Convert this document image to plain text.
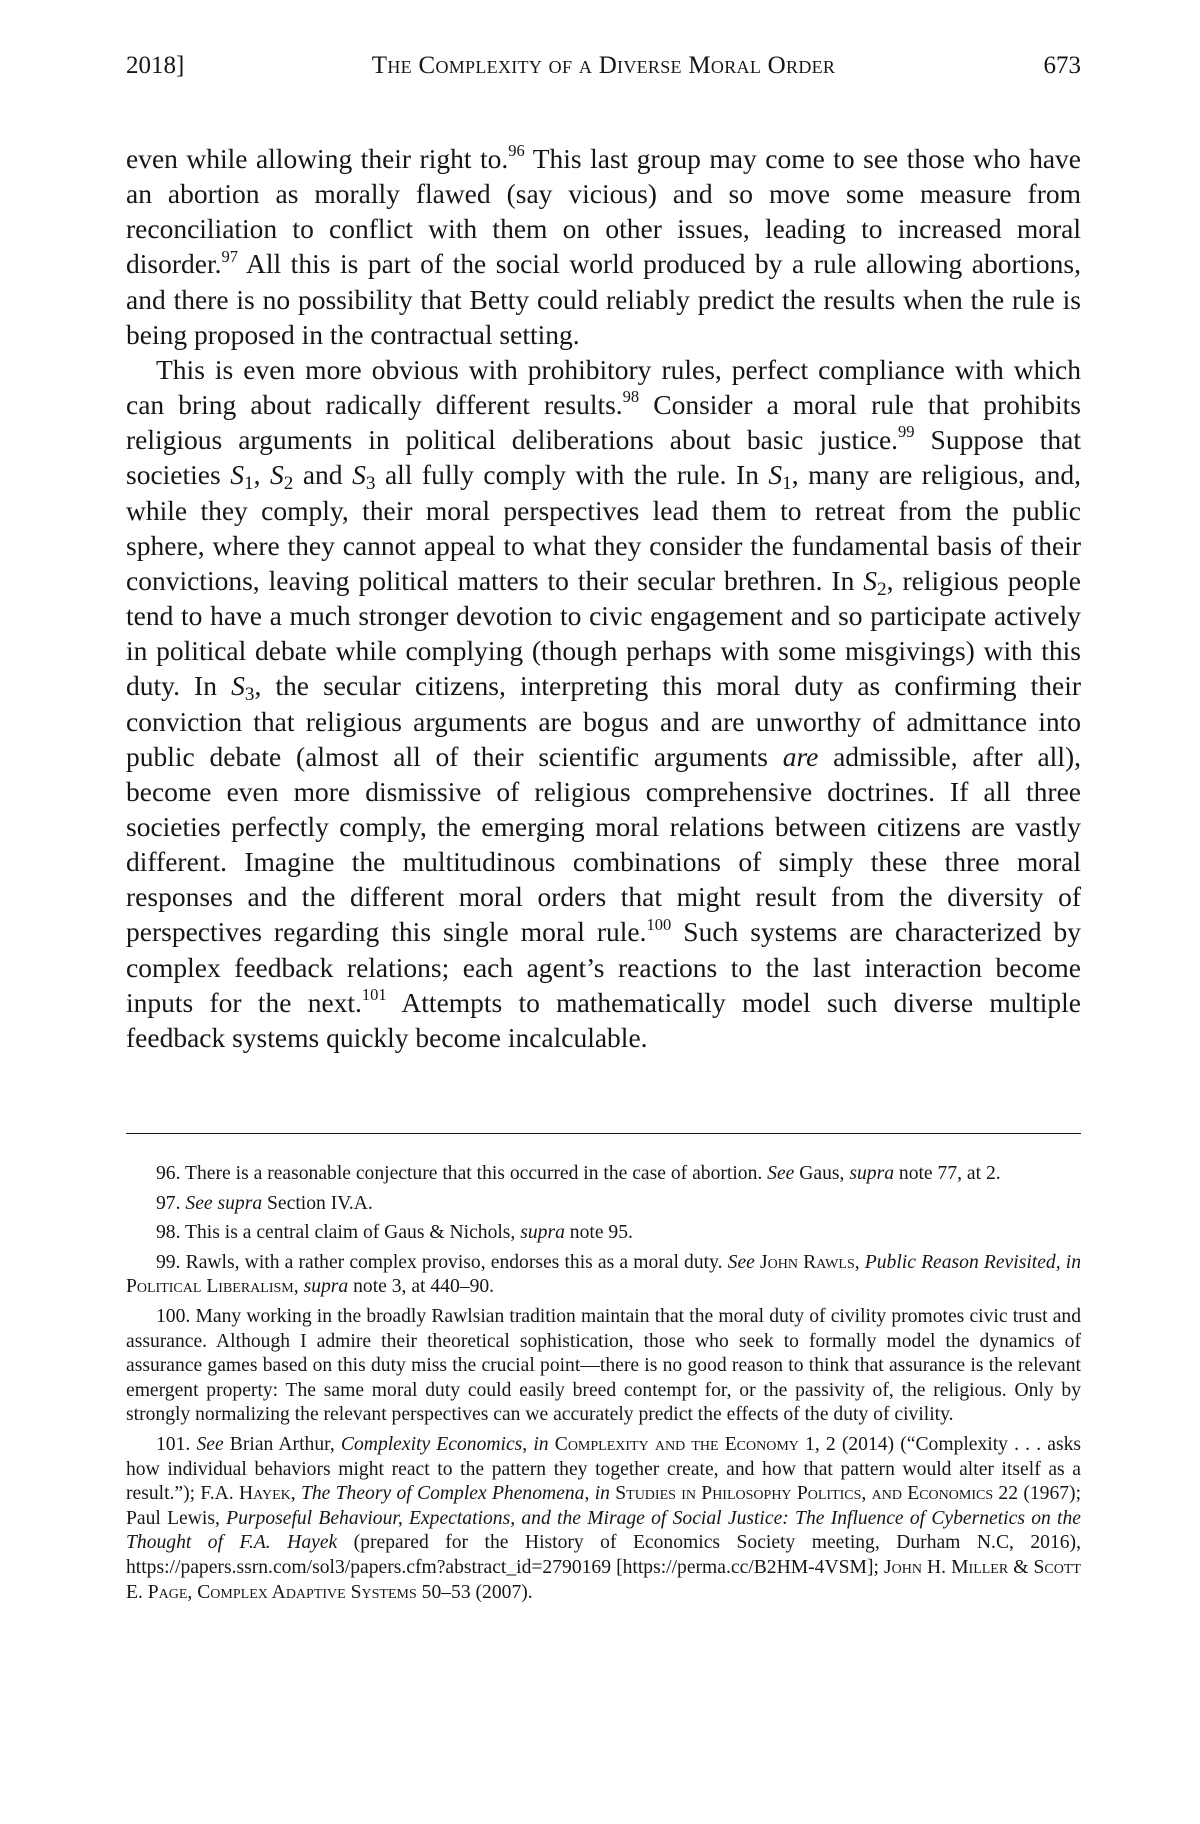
2018]	The Complexity of a Diverse Moral Order	673

even while allowing their right to.$^{96}$ This last group may come to see those who have an abortion as morally flawed (say vicious) and so move some measure from reconciliation to conflict with them on other issues, leading to increased moral disorder.$^{97}$ All this is part of the social world produced by a rule allowing abortions, and there is no possibility that Betty could reliably predict the results when the rule is being proposed in the contractual setting.

This is even more obvious with prohibitory rules, perfect compliance with which can bring about radically different results.$^{98}$ Consider a moral rule that prohibits religious arguments in political deliberations about basic justice.$^{99}$ Suppose that societies $S_1$, $S_2$ and $S_3$ all fully comply with the rule. In $S_1$, many are religious, and, while they comply, their moral perspectives lead them to retreat from the public sphere, where they cannot appeal to what they consider the fundamental basis of their convictions, leaving political matters to their secular brethren. In $S_2$, religious people tend to have a much stronger devotion to civic engagement and so participate actively in political debate while complying (though perhaps with some misgivings) with this duty. In $S_3$, the secular citizens, interpreting this moral duty as confirming their conviction that religious arguments are bogus and are unworthy of admittance into public debate (almost all of their scientific arguments are admissible, after all), become even more dismissive of religious comprehensive doctrines. If all three societies perfectly comply, the emerging moral relations between citizens are vastly different. Imagine the multitudinous combinations of simply these three moral responses and the different moral orders that might result from the diversity of perspectives regarding this single moral rule.$^{100}$ Such systems are characterized by complex feedback relations; each agent’s reactions to the last interaction become inputs for the next.$^{101}$ Attempts to mathematically model such diverse multiple feedback systems quickly become incalculable.

96. There is a reasonable conjecture that this occurred in the case of abortion. See Gaus, supra note 77, at 2.

97. See supra Section IV.A.

98. This is a central claim of Gaus & Nichols, supra note 95.

99. Rawls, with a rather complex proviso, endorses this as a moral duty. See John Rawls, Public Reason Revisited, in Political Liberalism, supra note 3, at 440–90.

100. Many working in the broadly Rawlsian tradition maintain that the moral duty of civility promotes civic trust and assurance. Although I admire their theoretical sophistication, those who seek to formally model the dynamics of assurance games based on this duty miss the crucial point—there is no good reason to think that assurance is the relevant emergent property: The same moral duty could easily breed contempt for, or the passivity of, the religious. Only by strongly normalizing the relevant perspectives can we accurately predict the effects of the duty of civility.

101. See Brian Arthur, Complexity Economics, in Complexity and the Economy 1, 2 (2014) (“Complexity . . . asks how individual behaviors might react to the pattern they together create, and how that pattern would alter itself as a result.”); F.A. Hayek, The Theory of Complex Phenomena, in Studies in Philosophy Politics, and Economics 22 (1967); Paul Lewis, Purposeful Behaviour, Expectations, and the Mirage of Social Justice: The Influence of Cybernetics on the Thought of F.A. Hayek (prepared for the History of Economics Society meeting, Durham N.C, 2016), https://papers.ssrn.com/sol3/papers.cfm?abstract_id=2790169 [https://perma.cc/B2HM-4VSM]; John H. Miller & Scott E. Page, Complex Adaptive Systems 50–53 (2007).
